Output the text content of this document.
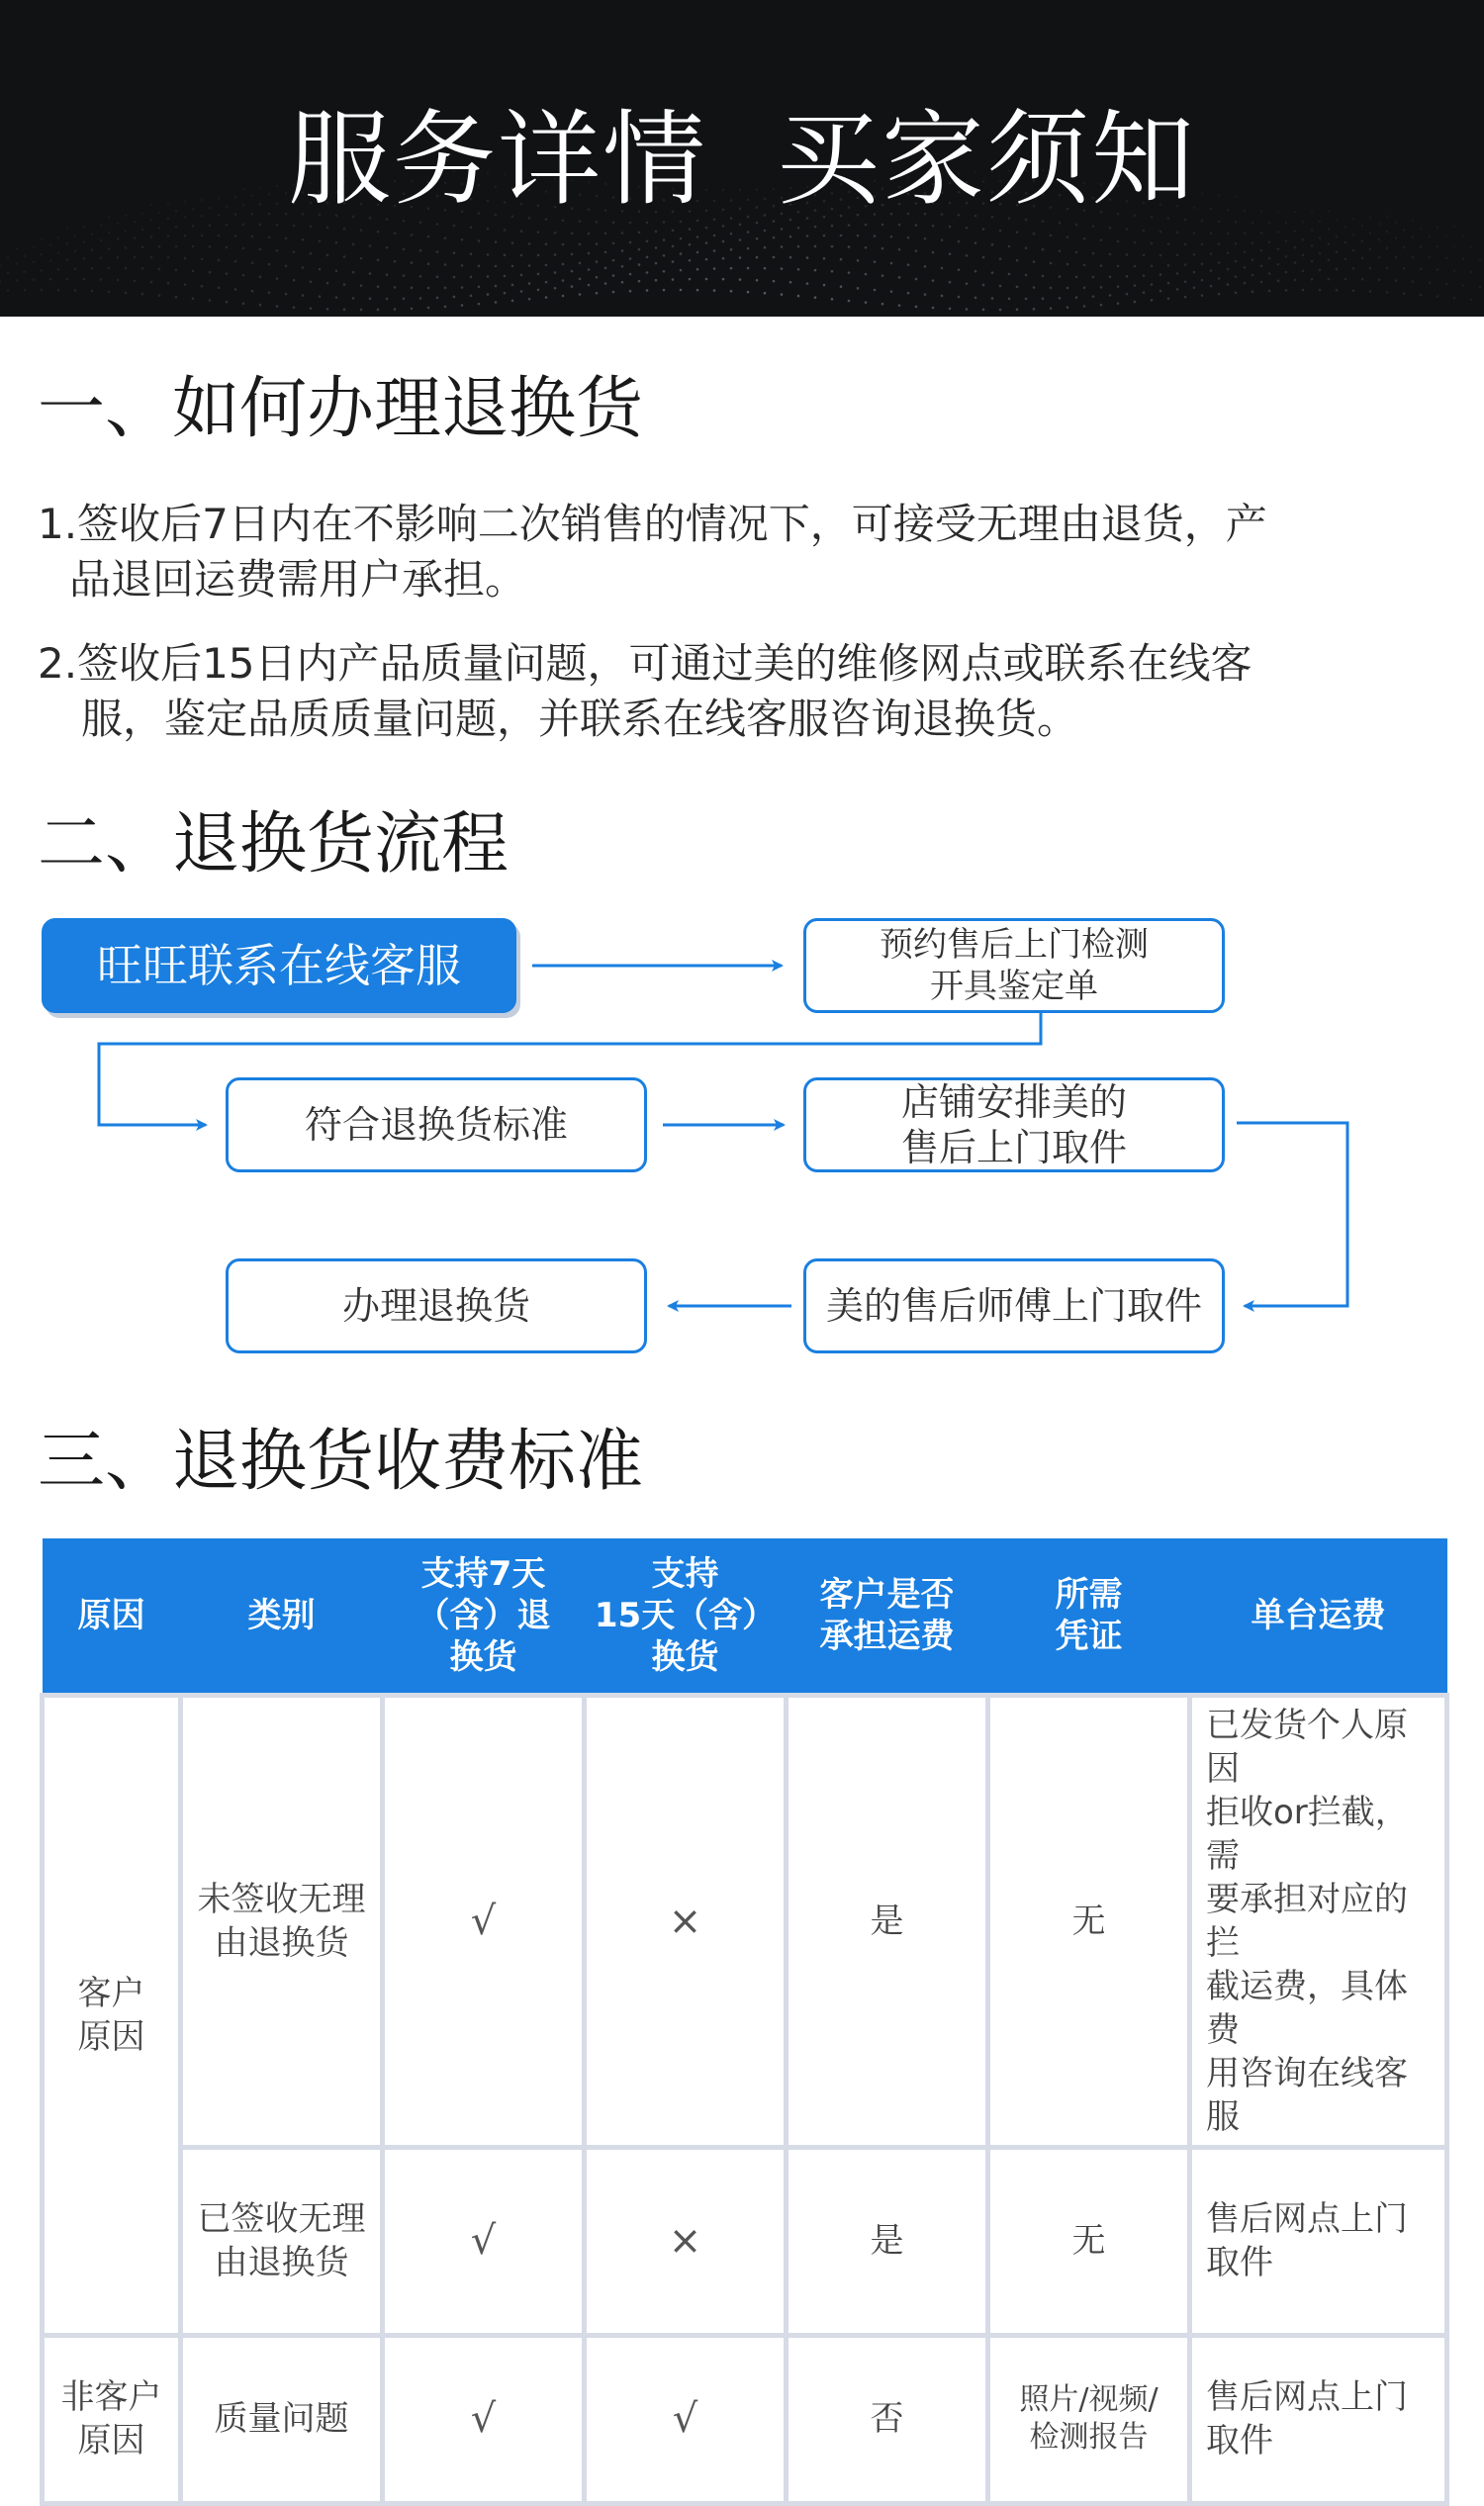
服务详情  买家须知
一、如何办理退换货
1.签收后7日内在不影响二次销售的情况下，可接受无理由退货，产
品退回运费需用户承担。
2.签收后15日内产品质量问题，可通过美的维修网点或联系在线客
服，鉴定品质质量问题，并联系在线客服咨询退换货。
二、退换货流程
旺旺联系在线客服	预约售后上门检测
开具鉴定单
符合退换货标准
店铺安排美的
售后上门取件
办理退换货	美的售后师傅上门取件
三、退换货收费标准
原因	类别	支持7天
（含）退
换货	支持
15天（含）
换货	客户是否
承担运费	所需
凭证	单台运费
客户
原因	未签收无理
由退换货	√	×	是	无	已发货个人原因
拒收or拦截，需
要承担对应的拦
截运费，具体费
用咨询在线客服
	已签收无理
由退换货	√	×	是	无	售后网点上门
取件
非客户
原因	质量问题	√	√	否	照片/视频/
检测报告	售后网点上门
取件
